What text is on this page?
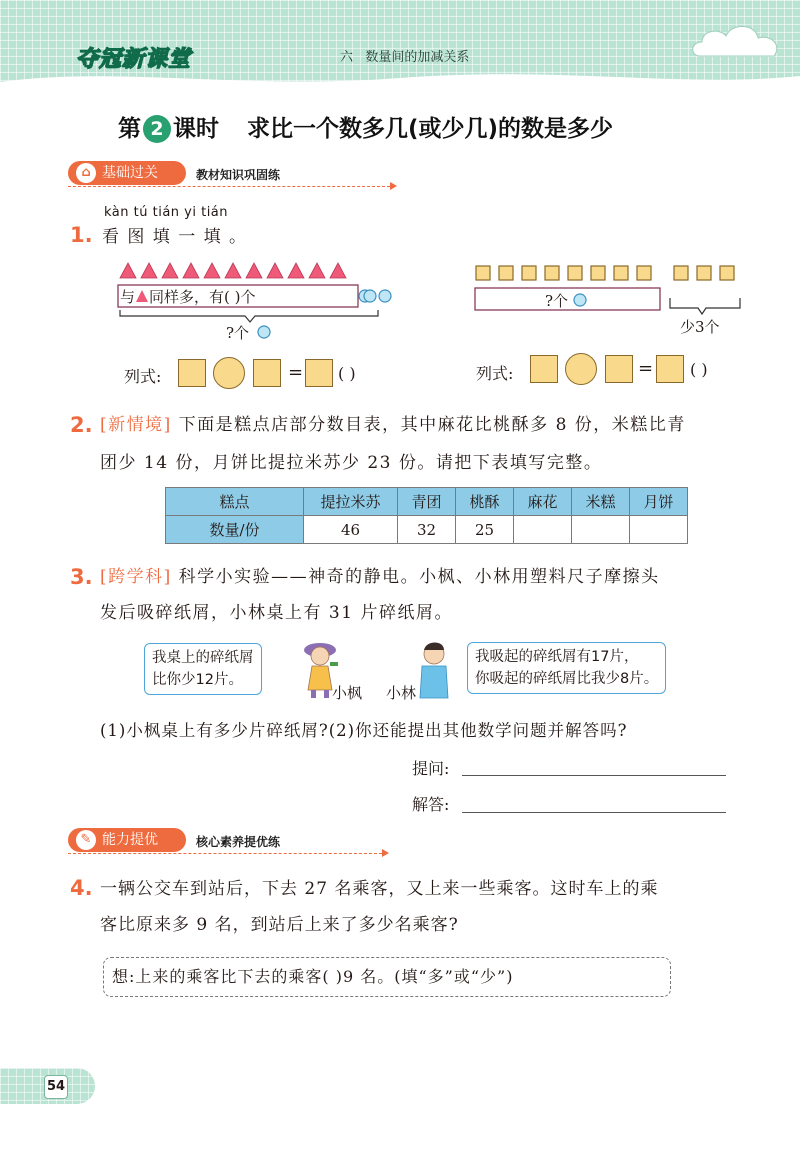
夺冠新课堂	六   数量间的加减关系
第 2 课时 求比一个数多几(或少几)的数是多少
⌂ 基础过关	教材知识巩固练
kàn tú tián yi tián
1. 看 图 填 一 填 。
与 同样多，有( )个
?个
列式:	= ( )
?个
少3个
列式:	= ( )
2. [新情境] 下面是糕点店部分数目表，其中麻花比桃酥多 8 份，米糕比青
团少 14 份，月饼比提拉米苏少 23 份。请把下表填写完整。
糕点	提拉米苏	青团	桃酥	麻花	米糕	月饼
数量/份	46	32	25			
3. [跨学科] 科学小实验——神奇的静电。小枫、小林用塑料尺子摩擦头
发后吸碎纸屑，小林桌上有 31 片碎纸屑。
我桌上的碎纸屑
比你少12片。
小枫 小林
我吸起的碎纸屑有17片，
你吸起的碎纸屑比我少8片。
(1)小枫桌上有多少片碎纸屑?(2)你还能提出其他数学问题并解答吗?
提问:
解答:
✎ 能力提优	核心素养提优练
4. 一辆公交车到站后，下去 27 名乘客，又上来一些乘客。这时车上的乘
客比原来多 9 名，到站后上来了多少名乘客?
想:上来的乘客比下去的乘客( )9 名。(填“多”或“少”)
54
